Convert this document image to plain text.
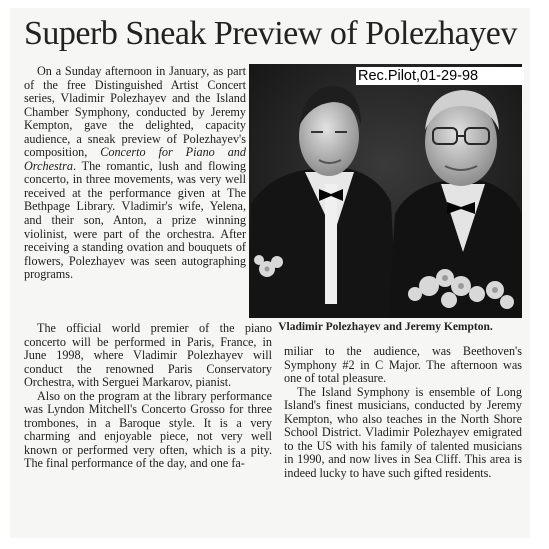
Superb Sneak Preview of Polezhayev

On a Sunday afternoon in January, as part of the free Distinguished Artist Concert series, Vladimir Polezhayev and the Island Chamber Symphony, conducted by Jeremy Kempton, gave the delighted, capacity audience, a sneak preview of Polezhayev's composition, Concerto for Piano and Orchestra. The romantic, lush and flowing concerto, in three movements, was very well received at the performance given at The Bethpage Library. Vladimir's wife, Yelena, and their son, Anton, a prize winning violinist, were part of the orchestra. After receiving a standing ovation and bouquets of flowers, Polezhayev was seen autographing programs.

The official world premier of the piano concerto will be performed in Paris, France, in June 1998, where Vladimir Polezhayev will conduct the renowned Paris Conservatory Orchestra, with Serguei Markarov, pianist.

Also on the program at the library performance was Lyndon Mitchell's Concerto Grosso for three trombones, in a Baroque style. It is a very charming and enjoyable piece, not very well known or performed very often, which is a pity. The final performance of the day, and one fa-

miliar to the audience, was Beethoven's Symphony #2 in C Major. The afternoon was one of total pleasure.

The Island Symphony is ensemble of Long Island's finest musicians, conducted by Jeremy Kempton, who also teaches in the North Shore School District. Vladimir Polezhayev emigrated to the US with his family of talented musicians in 1990, and now lives in Sea Cliff. This area is indeed lucky to have such gifted residents.

Rec.Pilot,01-29-98
Vladimir Polezhayev and Jeremy Kempton.
